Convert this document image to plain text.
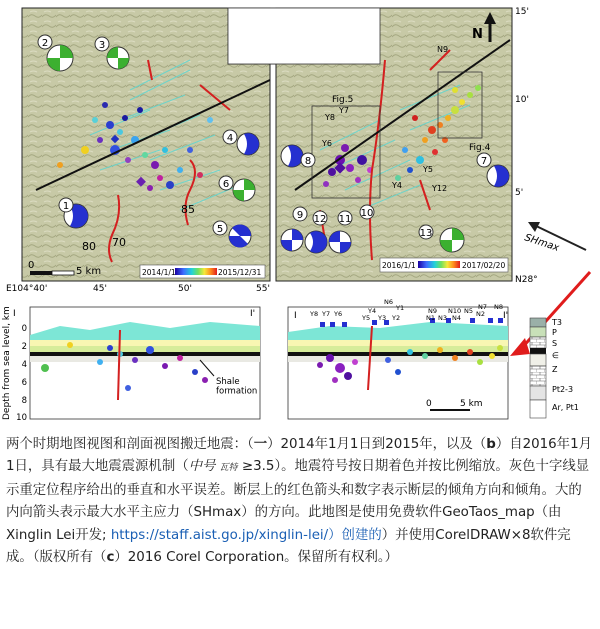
85
80 70
2	3
1
4
6
5
0
5 km	2014/1/1	2015/12/31
Fig.5
Fig.4
N9
Y8
Y7
Y6
Y4	Y12
Y5
8
9 12 11
10
13
7
N
2016/1/1	2017/02/20
15'
10'
5'
N28°
E104°40'	45'	50'	55'
SHmax
I	I'
0
2
4
6
8
10
Depth from sea level, km	Shale formation
I	I'
Y8 Y7 Y6	Y5
Y4
Y3 Y2
N6
Y1	N9
N1 N3
N10
N4
N5 N7
N2
N8
0	5 km
T3
P
S
∈
Z
Pt2-3
Ar, Pt1
两个时期地图视图和剖面视图搬迁地震：（一）2014年1月1日到2015年，以及（b）自2016年1月1日，具有最大地震震源机制（中号 瓦特 ≥3.5）。地震符号按日期着色并按比例缩放。灰色十字线显示重定位程序给出的垂直和水平误差。断层上的红色箭头和数字表示断层的倾角方向和倾角。大的内向箭头表示最大水平主应力（SHmax）的方向。此地图是使用免费软件GeoTaos_map（由Xinglin Lei开发; https://staff.aist.go.jp/xinglin-lei/）创建的）并使用CorelDRAW×8软件完成。（版权所有（c）2016 Corel Corporation。保留所有权利。）
